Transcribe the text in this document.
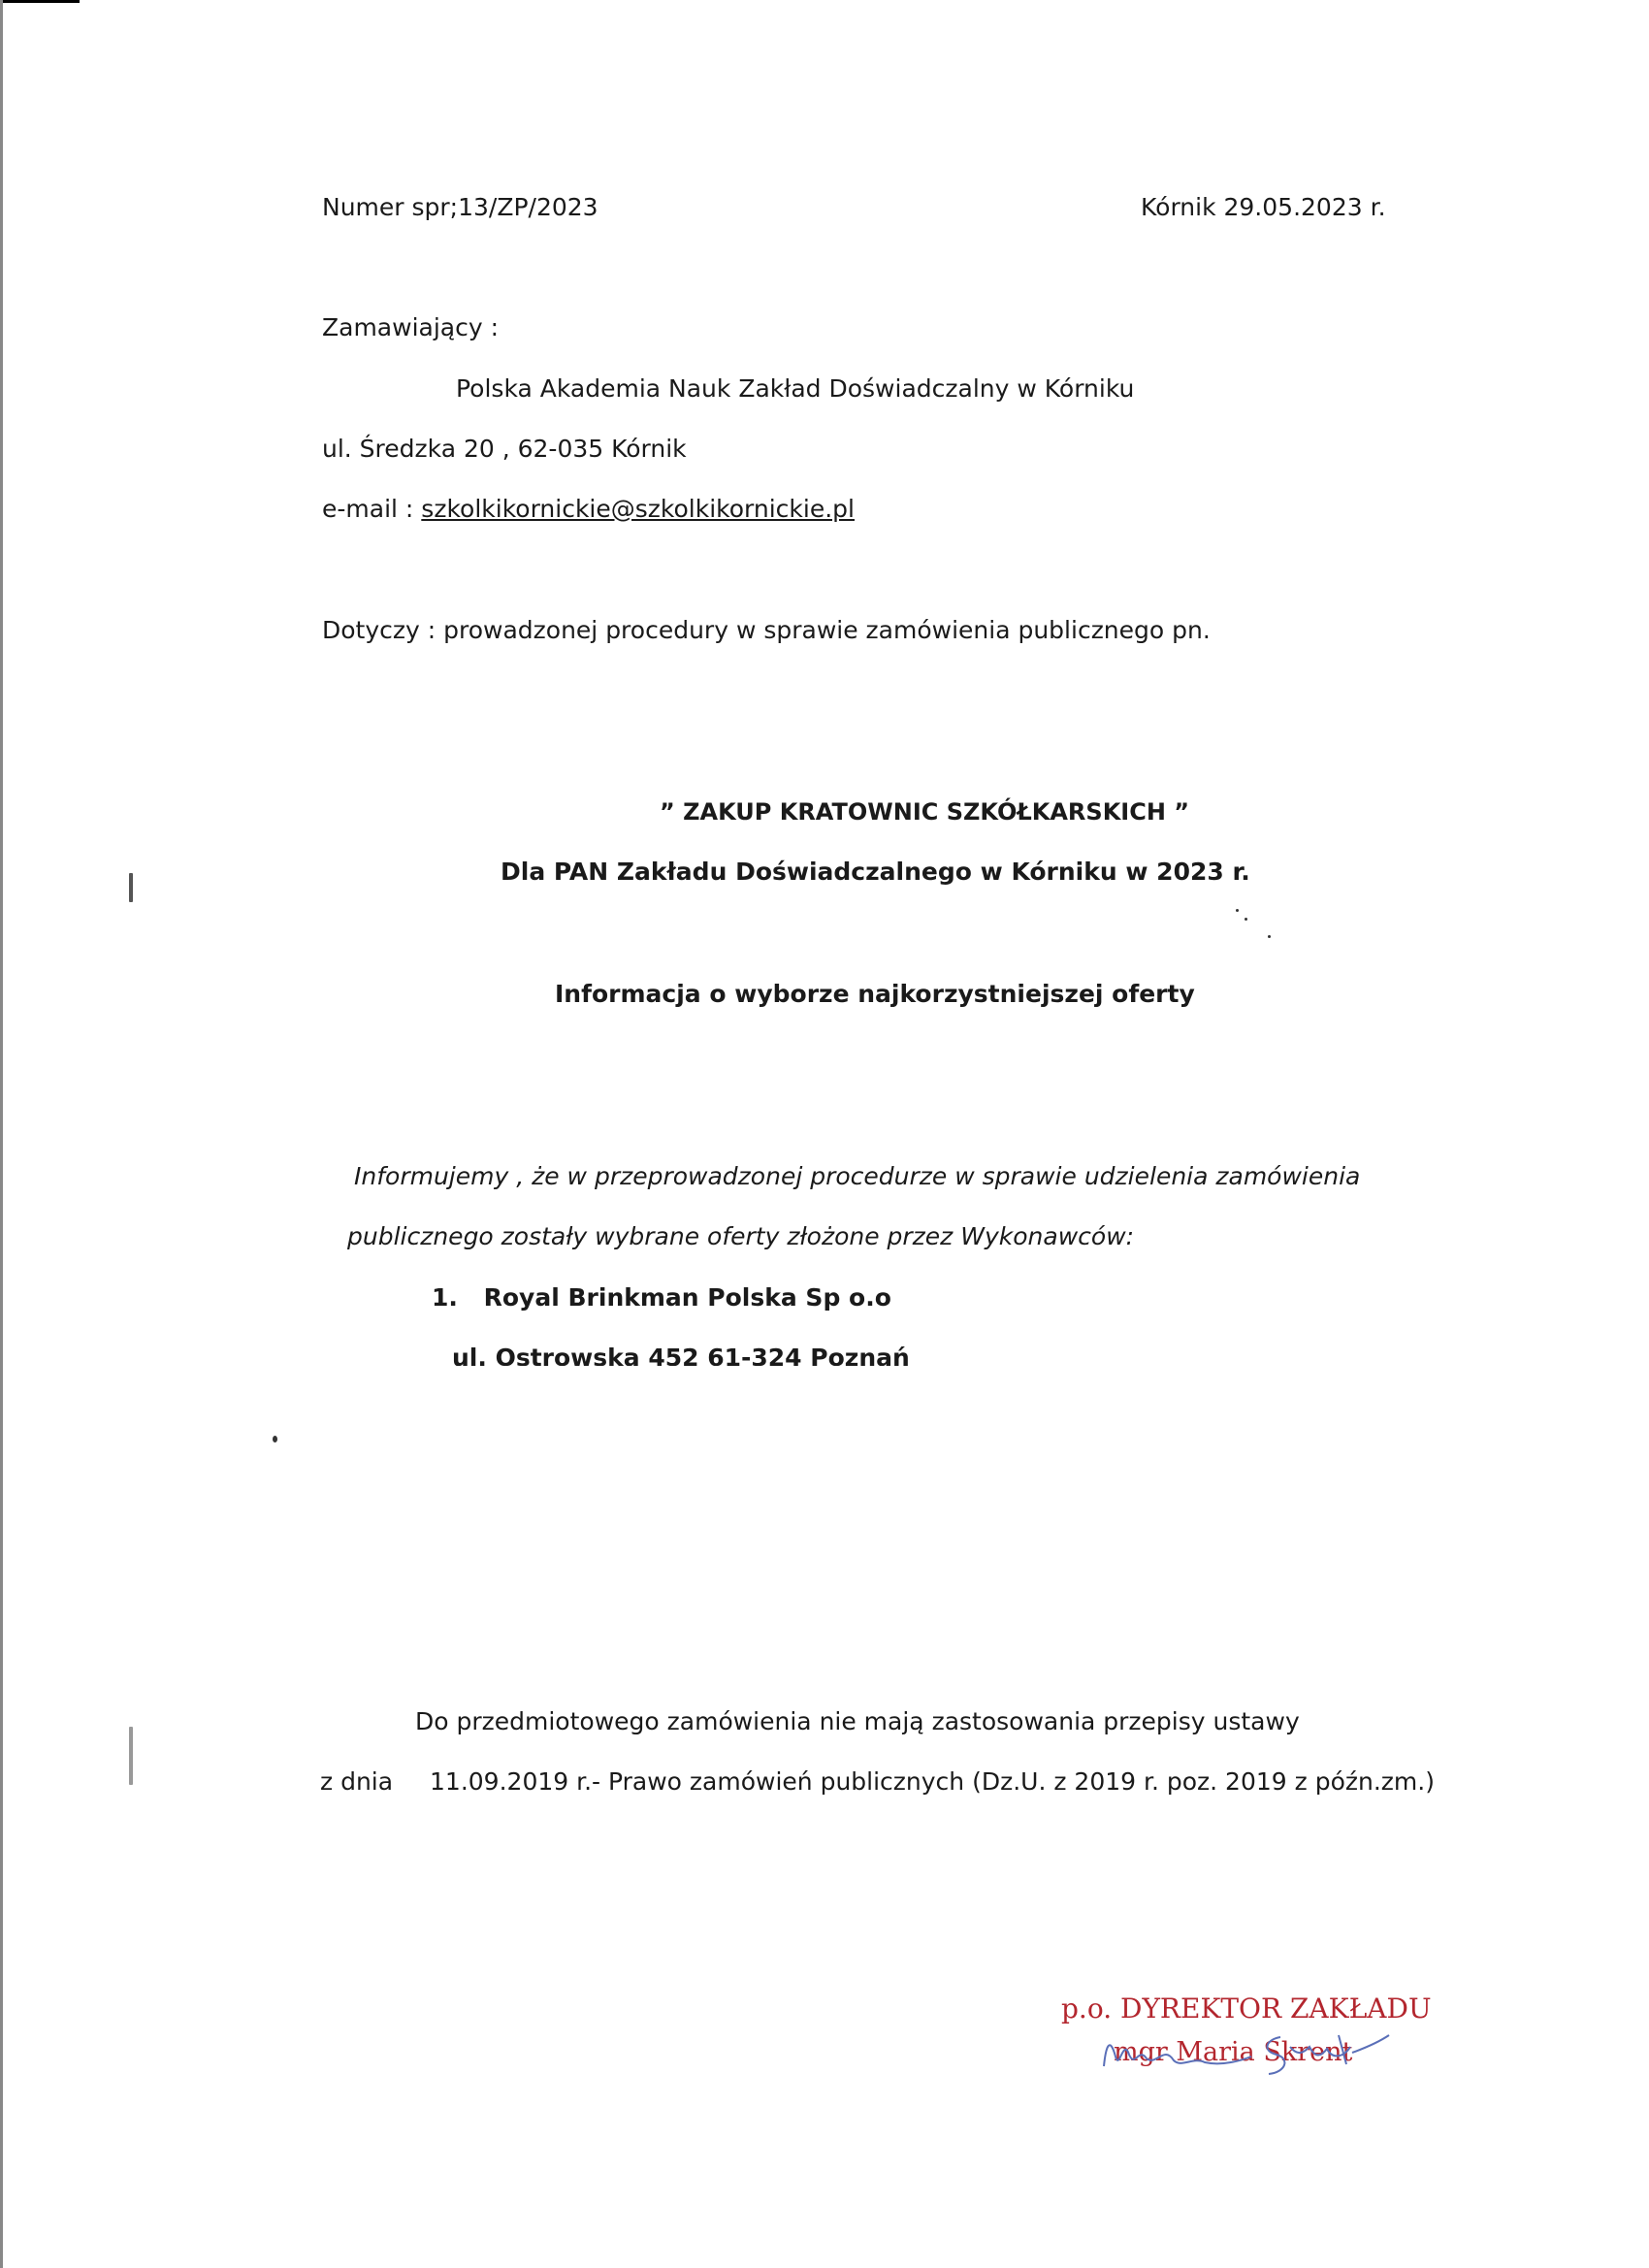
Numer spr;13/ZP/2023	Kórnik 29.05.2023 r.
Zamawiający :
Polska Akademia Nauk Zakład Doświadczalny w Kórniku
ul. Średzka 20 , 62-035 Kórnik
e-mail : szkolkikornickie@szkolkikornickie.pl
Dotyczy : prowadzonej procedury w sprawie zamówienia publicznego pn.
” ZAKUP KRATOWNIC SZKÓŁKARSKICH ”
Dla PAN Zakładu Doświadczalnego w Kórniku w 2023 r.
Informacja o wyborze najkorzystniejszej oferty
Informujemy , że w przeprowadzonej procedurze w sprawie udzielenia zamówienia
publicznego zostały wybrane oferty złożone przez Wykonawców:
1. Royal Brinkman Polska Sp o.o
ul. Ostrowska 452 61-324 Poznań
Do przedmiotowego zamówienia nie mają zastosowania przepisy ustawy
z dnia 11.09.2019 r.- Prawo zamówień publicznych (Dz.U. z 2019 r. poz. 2019 z późn.zm.)
p.o. DYREKTOR ZAKŁADU
mgr Maria Skrent
